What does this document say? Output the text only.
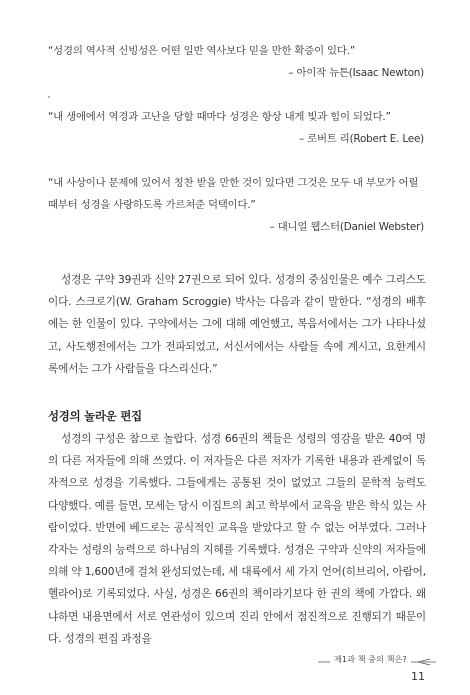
“성경의 역사적 신빙성은 어떤 일반 역사보다 믿을 만한 확증이 있다.”

– 아이작 뉴튼(Isaac Newton)

“내 생애에서 역경과 고난을 당할 때마다 성경은 항상 내게 빛과 힘이 되었다.”

– 로버트 리(Robert E. Lee)

“내 사상이나 문제에 있어서 칭찬 받을 만한 것이 있다면 그것은 모두 내 부모가 어릴 때부터 성경을 사랑하도록 가르쳐준 덕택이다.”

– 대니얼 웹스터(Daniel Webster)

성경은 구약 39권과 신약 27권으로 되어 있다. 성경의 중심인물은 예수 그리스도이다. 스크로기(W. Graham Scroggie) 박사는 다음과 같이 말한다. “성경의 배후에는 한 인물이 있다. 구약에서는 그에 대해 예언했고, 복음서에서는 그가 나타나셨고, 사도행전에서는 그가 전파되었고, 서신서에서는 사람들 속에 계시고, 요한계시록에서는 그가 사람들을 다스리신다.”

성경의 놀라운 편집

성경의 구성은 참으로 놀랍다. 성경 66권의 책들은 성령의 영감을 받은 40여 명의 다른 저자들에 의해 쓰였다. 이 저자들은 다른 저자가 기록한 내용과 관계없이 독자적으로 성경을 기록했다. 그들에게는 공통된 것이 없었고 그들의 문학적 능력도 다양했다. 예를 들면, 모세는 당시 이집트의 최고 학부에서 교육을 받은 학식 있는 사람이었다. 반면에 베드로는 공식적인 교육을 받았다고 할 수 없는 어부였다. 그러나 각자는 성령의 능력으로 하나님의 지혜를 기록했다. 성경은 구약과 신약의 저자들에 의해 약 1,600년에 걸쳐 완성되었는데, 세 대륙에서 세 가지 언어(히브리어, 아람어, 헬라어)로 기록되었다. 사실, 성경은 66권의 책이라기보다 한 권의 책에 가깝다. 왜냐하면 내용면에서 서로 연관성이 있으며 진리 안에서 점진적으로 진행되기 때문이다. 성경의 편집 과정을

제1과 책 중의 책은?
11
